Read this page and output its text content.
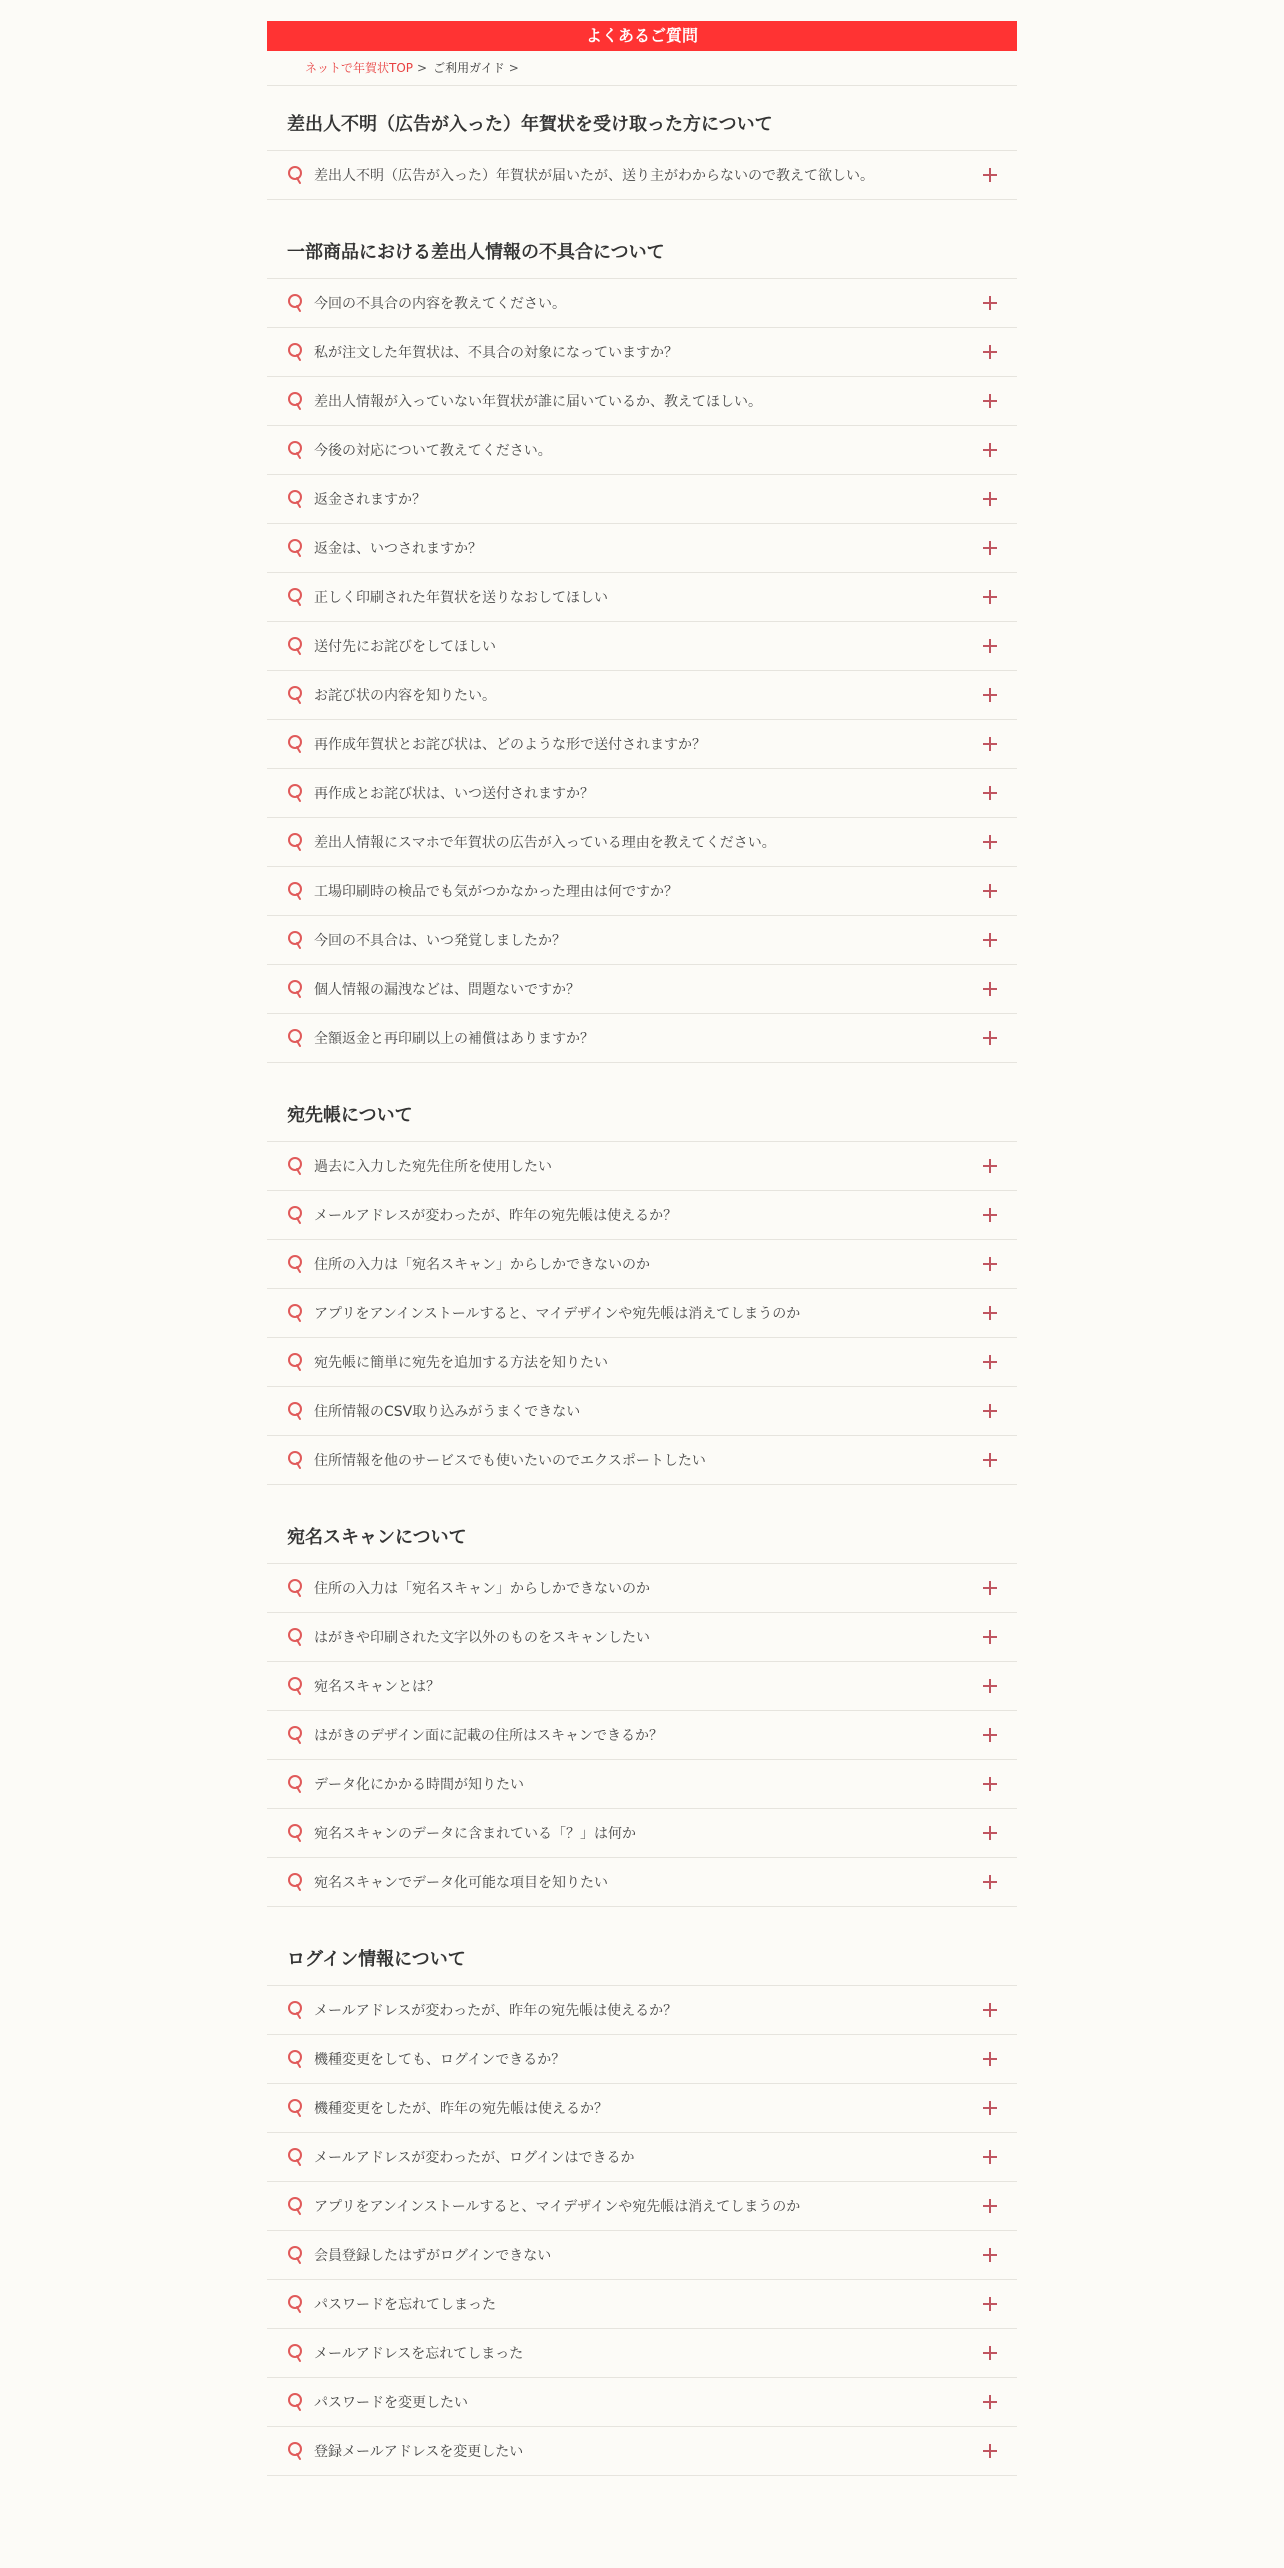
よくあるご質問
ネットで年賀状TOP > ご利用ガイド >
差出人不明（広告が入った）年賀状を受け取った方について
差出人不明（広告が入った）年賀状が届いたが、送り主がわからないので教えて欲しい。
一部商品における差出人情報の不具合について
今回の不具合の内容を教えてください。
私が注文した年賀状は、不具合の対象になっていますか？
差出人情報が入っていない年賀状が誰に届いているか、教えてほしい。
今後の対応について教えてください。
返金されますか？
返金は、いつされますか？
正しく印刷された年賀状を送りなおしてほしい
送付先にお詫びをしてほしい
お詫び状の内容を知りたい。
再作成年賀状とお詫び状は、どのような形で送付されますか？
再作成とお詫び状は、いつ送付されますか？
差出人情報にスマホで年賀状の広告が入っている理由を教えてください。
工場印刷時の検品でも気がつかなかった理由は何ですか？
今回の不具合は、いつ発覚しましたか？
個人情報の漏洩などは、問題ないですか？
全額返金と再印刷以上の補償はありますか？
宛先帳について
過去に入力した宛先住所を使用したい
メールアドレスが変わったが、昨年の宛先帳は使えるか？
住所の入力は「宛名スキャン」からしかできないのか
アプリをアンインストールすると、マイデザインや宛先帳は消えてしまうのか
宛先帳に簡単に宛先を追加する方法を知りたい
住所情報のCSV取り込みがうまくできない
住所情報を他のサービスでも使いたいのでエクスポートしたい
宛名スキャンについて
住所の入力は「宛名スキャン」からしかできないのか
はがきや印刷された文字以外のものをスキャンしたい
宛名スキャンとは？
はがきのデザイン面に記載の住所はスキャンできるか？
データ化にかかる時間が知りたい
宛名スキャンのデータに含まれている「？」は何か
宛名スキャンでデータ化可能な項目を知りたい
ログイン情報について
メールアドレスが変わったが、昨年の宛先帳は使えるか？
機種変更をしても、ログインできるか？
機種変更をしたが、昨年の宛先帳は使えるか？
メールアドレスが変わったが、ログインはできるか
アプリをアンインストールすると、マイデザインや宛先帳は消えてしまうのか
会員登録したはずがログインできない
パスワードを忘れてしまった
メールアドレスを忘れてしまった
パスワードを変更したい
登録メールアドレスを変更したい
